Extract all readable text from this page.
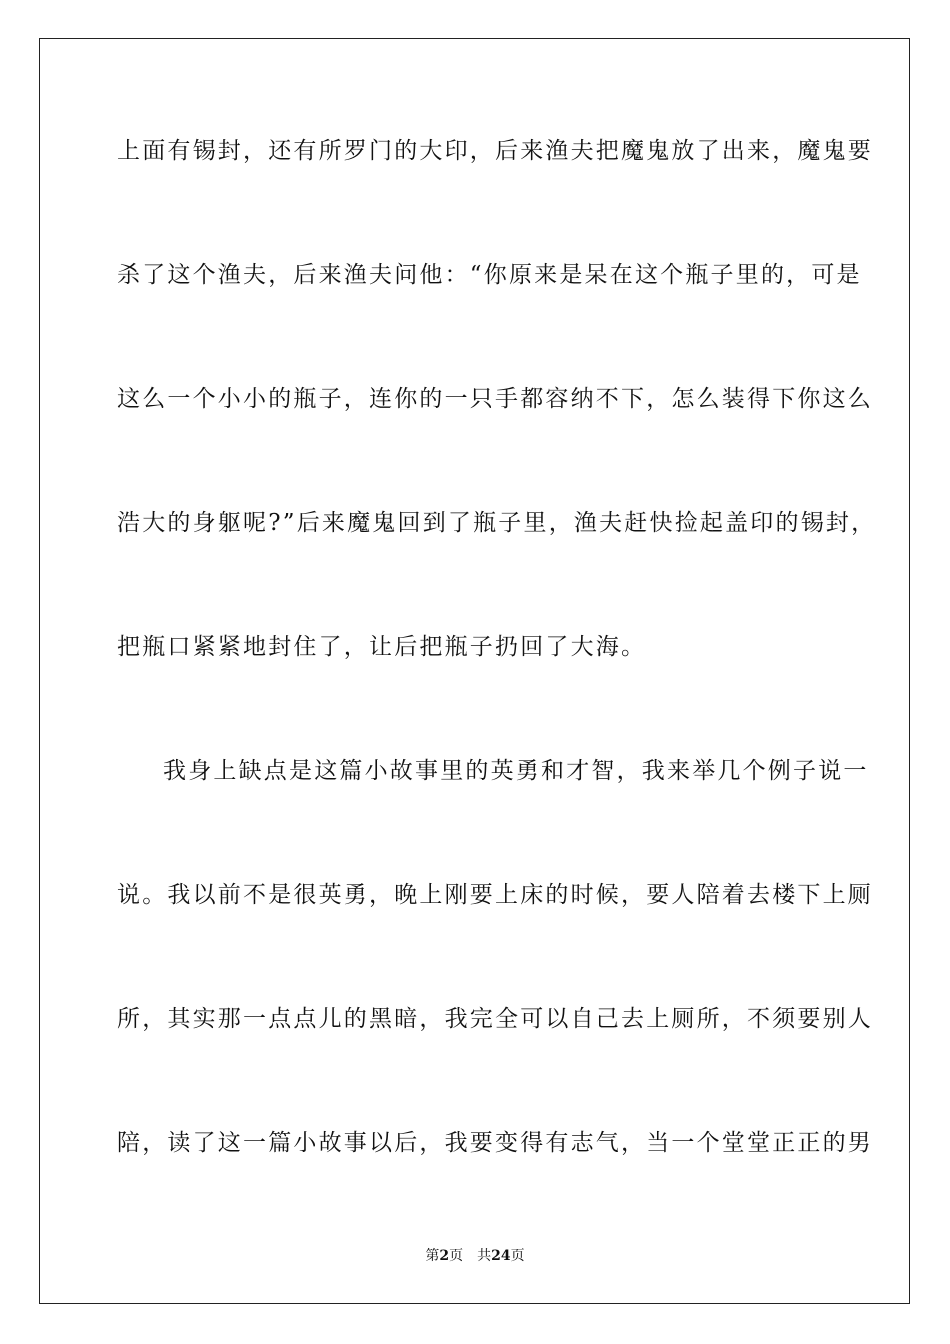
上面有锡封，还有所罗门的大印，后来渔夫把魔鬼放了出来，魔鬼要
杀了这个渔夫，后来渔夫问他：“你原来是呆在这个瓶子里的，可是
这么一个小小的瓶子，连你的一只手都容纳不下，怎么装得下你这么
浩大的身躯呢?”后来魔鬼回到了瓶子里，渔夫赶快捡起盖印的锡封，
把瓶口紧紧地封住了，让后把瓶子扔回了大海。
我身上缺点是这篇小故事里的英勇和才智，我来举几个例子说一
说。我以前不是很英勇，晚上刚要上床的时候，要人陪着去楼下上厕
所，其实那一点点儿的黑暗，我完全可以自己去上厕所，不须要别人
陪，读了这一篇小故事以后，我要变得有志气，当一个堂堂正正的男
第2页 共24页
